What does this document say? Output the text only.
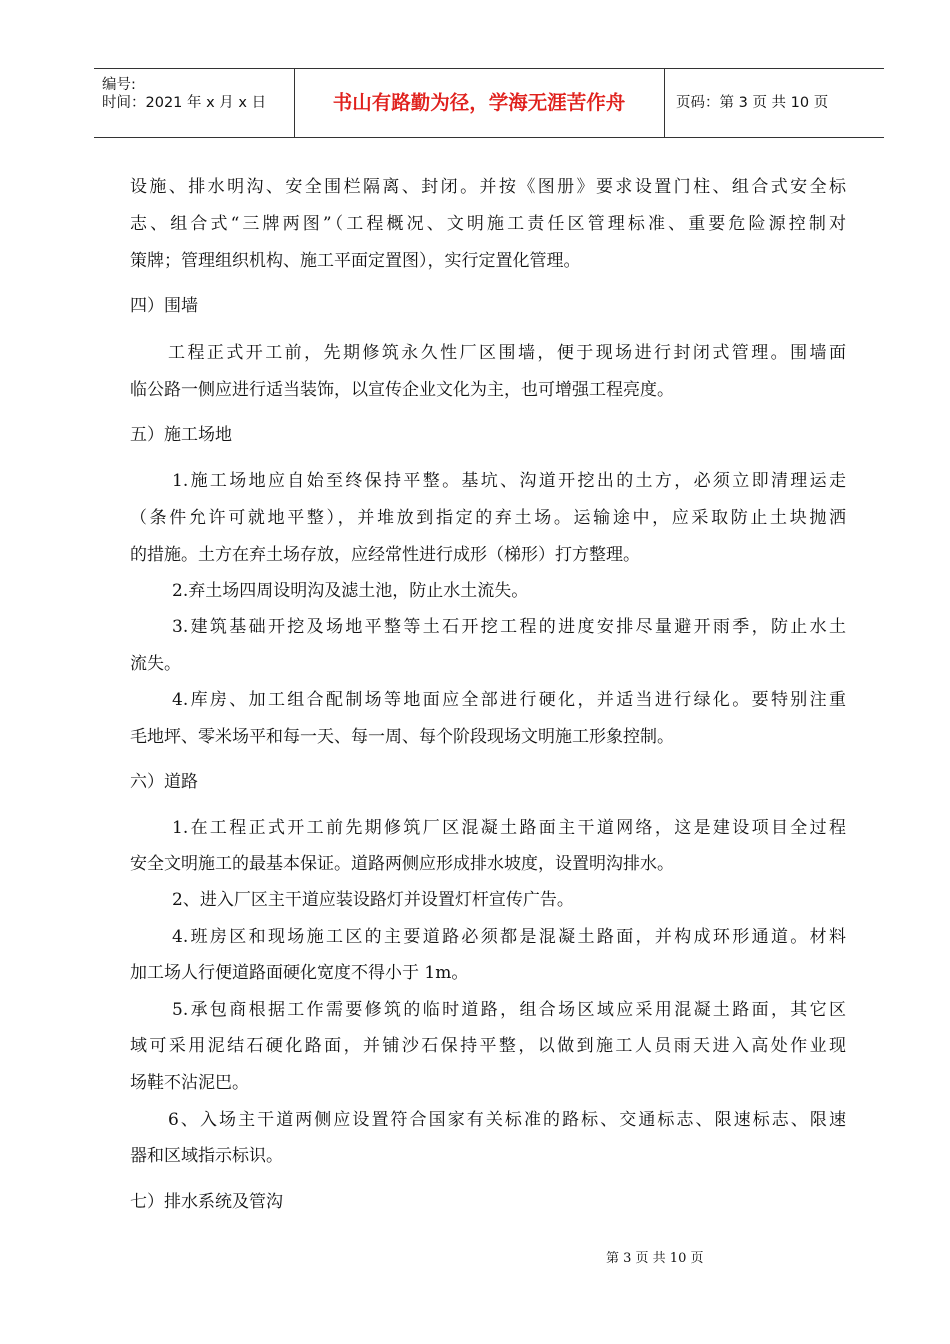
编号:
时间：2021 年 x 月 x 日	书山有路勤为径，学海无涯苦作舟	页码：第 3 页 共 10 页
设施、排水明沟、安全围栏隔离、封闭。并按《图册》要求设置门柱、组合式安全标
志、组合式“三牌两图”（工程概况、文明施工责任区管理标准、重要危险源控制对
策牌；管理组织机构、施工平面定置图），实行定置化管理。
四）围墙
工程正式开工前，先期修筑永久性厂区围墙，便于现场进行封闭式管理。围墙面
临公路一侧应进行适当装饰，以宣传企业文化为主，也可增强工程亮度。
五）施工场地
1.施工场地应自始至终保持平整。基坑、沟道开挖出的土方，必须立即清理运走
（条件允许可就地平整），并堆放到指定的弃土场。运输途中，应采取防止土块抛洒
的措施。土方在弃土场存放，应经常性进行成形（梯形）打方整理。
2.弃土场四周设明沟及滤土池，防止水土流失。
3.建筑基础开挖及场地平整等土石开挖工程的进度安排尽量避开雨季，防止水土
流失。
4.库房、加工组合配制场等地面应全部进行硬化，并适当进行绿化。要特别注重
毛地坪、零米场平和每一天、每一周、每个阶段现场文明施工形象控制。
六）道路
1.在工程正式开工前先期修筑厂区混凝土路面主干道网络，这是建设项目全过程
安全文明施工的最基本保证。道路两侧应形成排水坡度，设置明沟排水。
2、进入厂区主干道应装设路灯并设置灯杆宣传广告。
4.班房区和现场施工区的主要道路必须都是混凝土路面，并构成环形通道。材料
加工场人行便道路面硬化宽度不得小于 1m。
5.承包商根据工作需要修筑的临时道路，组合场区域应采用混凝土路面，其它区
域可采用泥结石硬化路面，并铺沙石保持平整，以做到施工人员雨天进入高处作业现
场鞋不沾泥巴。
6、入场主干道两侧应设置符合国家有关标准的路标、交通标志、限速标志、限速
器和区域指示标识。
七）排水系统及管沟
第 3 页 共 10 页
